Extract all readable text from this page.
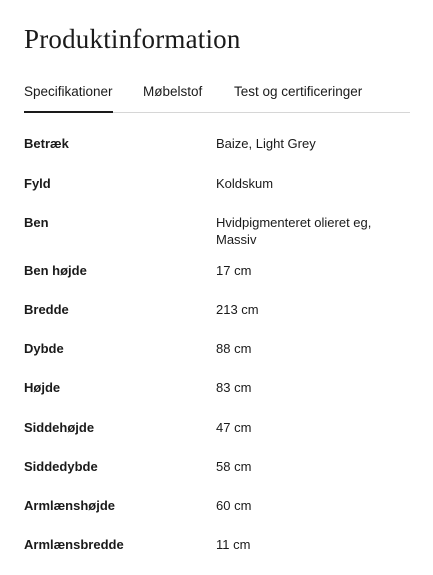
Produktinformation
Specifikationer Møbelstof Test og certificeringer
Betræk	Baize, Light Grey
Fyld	Koldskum
Ben	Hvidpigmenteret olieret eg, Massiv
Ben højde	17 cm
Bredde	213 cm
Dybde	88 cm
Højde	83 cm
Siddehøjde	47 cm
Siddedybde	58 cm
Armlænshøjde	60 cm
Armlænsbredde	11 cm
